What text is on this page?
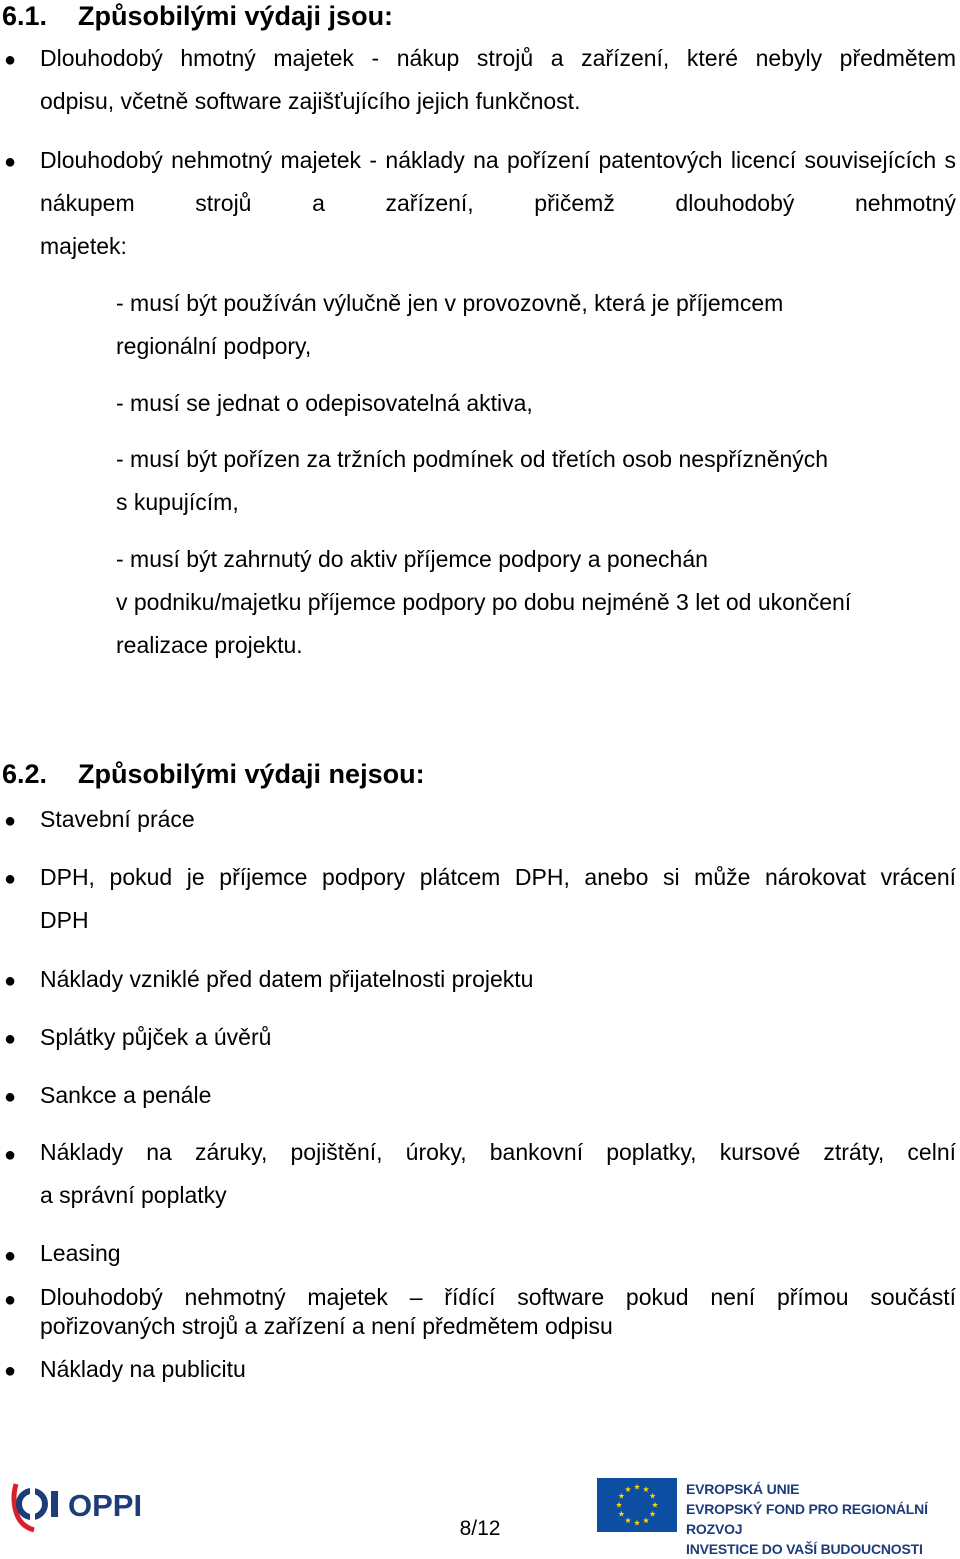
6.1. Způsobilými výdaji jsou:
● Dlouhodobý hmotný majetek - nákup strojů a zařízení, které nebyly předmětem
odpisu, včetně software zajišťujícího jejich funkčnost.
● Dlouhodobý nehmotný majetek - náklady na pořízení patentových licencí souvisejících s nákupem strojů a zařízení, přičemž dlouhodobý nehmotný
majetek:
- musí být používán výlučně jen v provozovně, která je příjemcem
regionální podpory,
- musí se jednat o odepisovatelná aktiva,
- musí být pořízen za tržních podmínek od třetích osob nespřízněných
s kupujícím,
- musí být zahrnutý do aktiv příjemce podpory a ponechán
v podniku/majetku příjemce podpory po dobu nejméně 3 let od ukončení
realizace projektu.
6.2. Způsobilými výdaji nejsou:
● Stavební práce
● DPH, pokud je příjemce podpory plátcem DPH, anebo si může nárokovat vrácení
DPH
● Náklady vzniklé před datem přijatelnosti projektu
● Splátky půjček a úvěrů
● Sankce a penále
● Náklady na záruky, pojištění, úroky, bankovní poplatky, kursové ztráty, celní
a správní poplatky
● Leasing
● Dlouhodobý nehmotný majetek – řídící software pokud není přímou součástí
pořizovaných strojů a zařízení a není předmětem odpisu
● Náklady na publicitu
OPPI
8/12
EVROPSKÁ UNIE
EVROPSKÝ FOND PRO REGIONÁLNÍ ROZVOJ
INVESTICE DO VAŠÍ BUDOUCNOSTI
